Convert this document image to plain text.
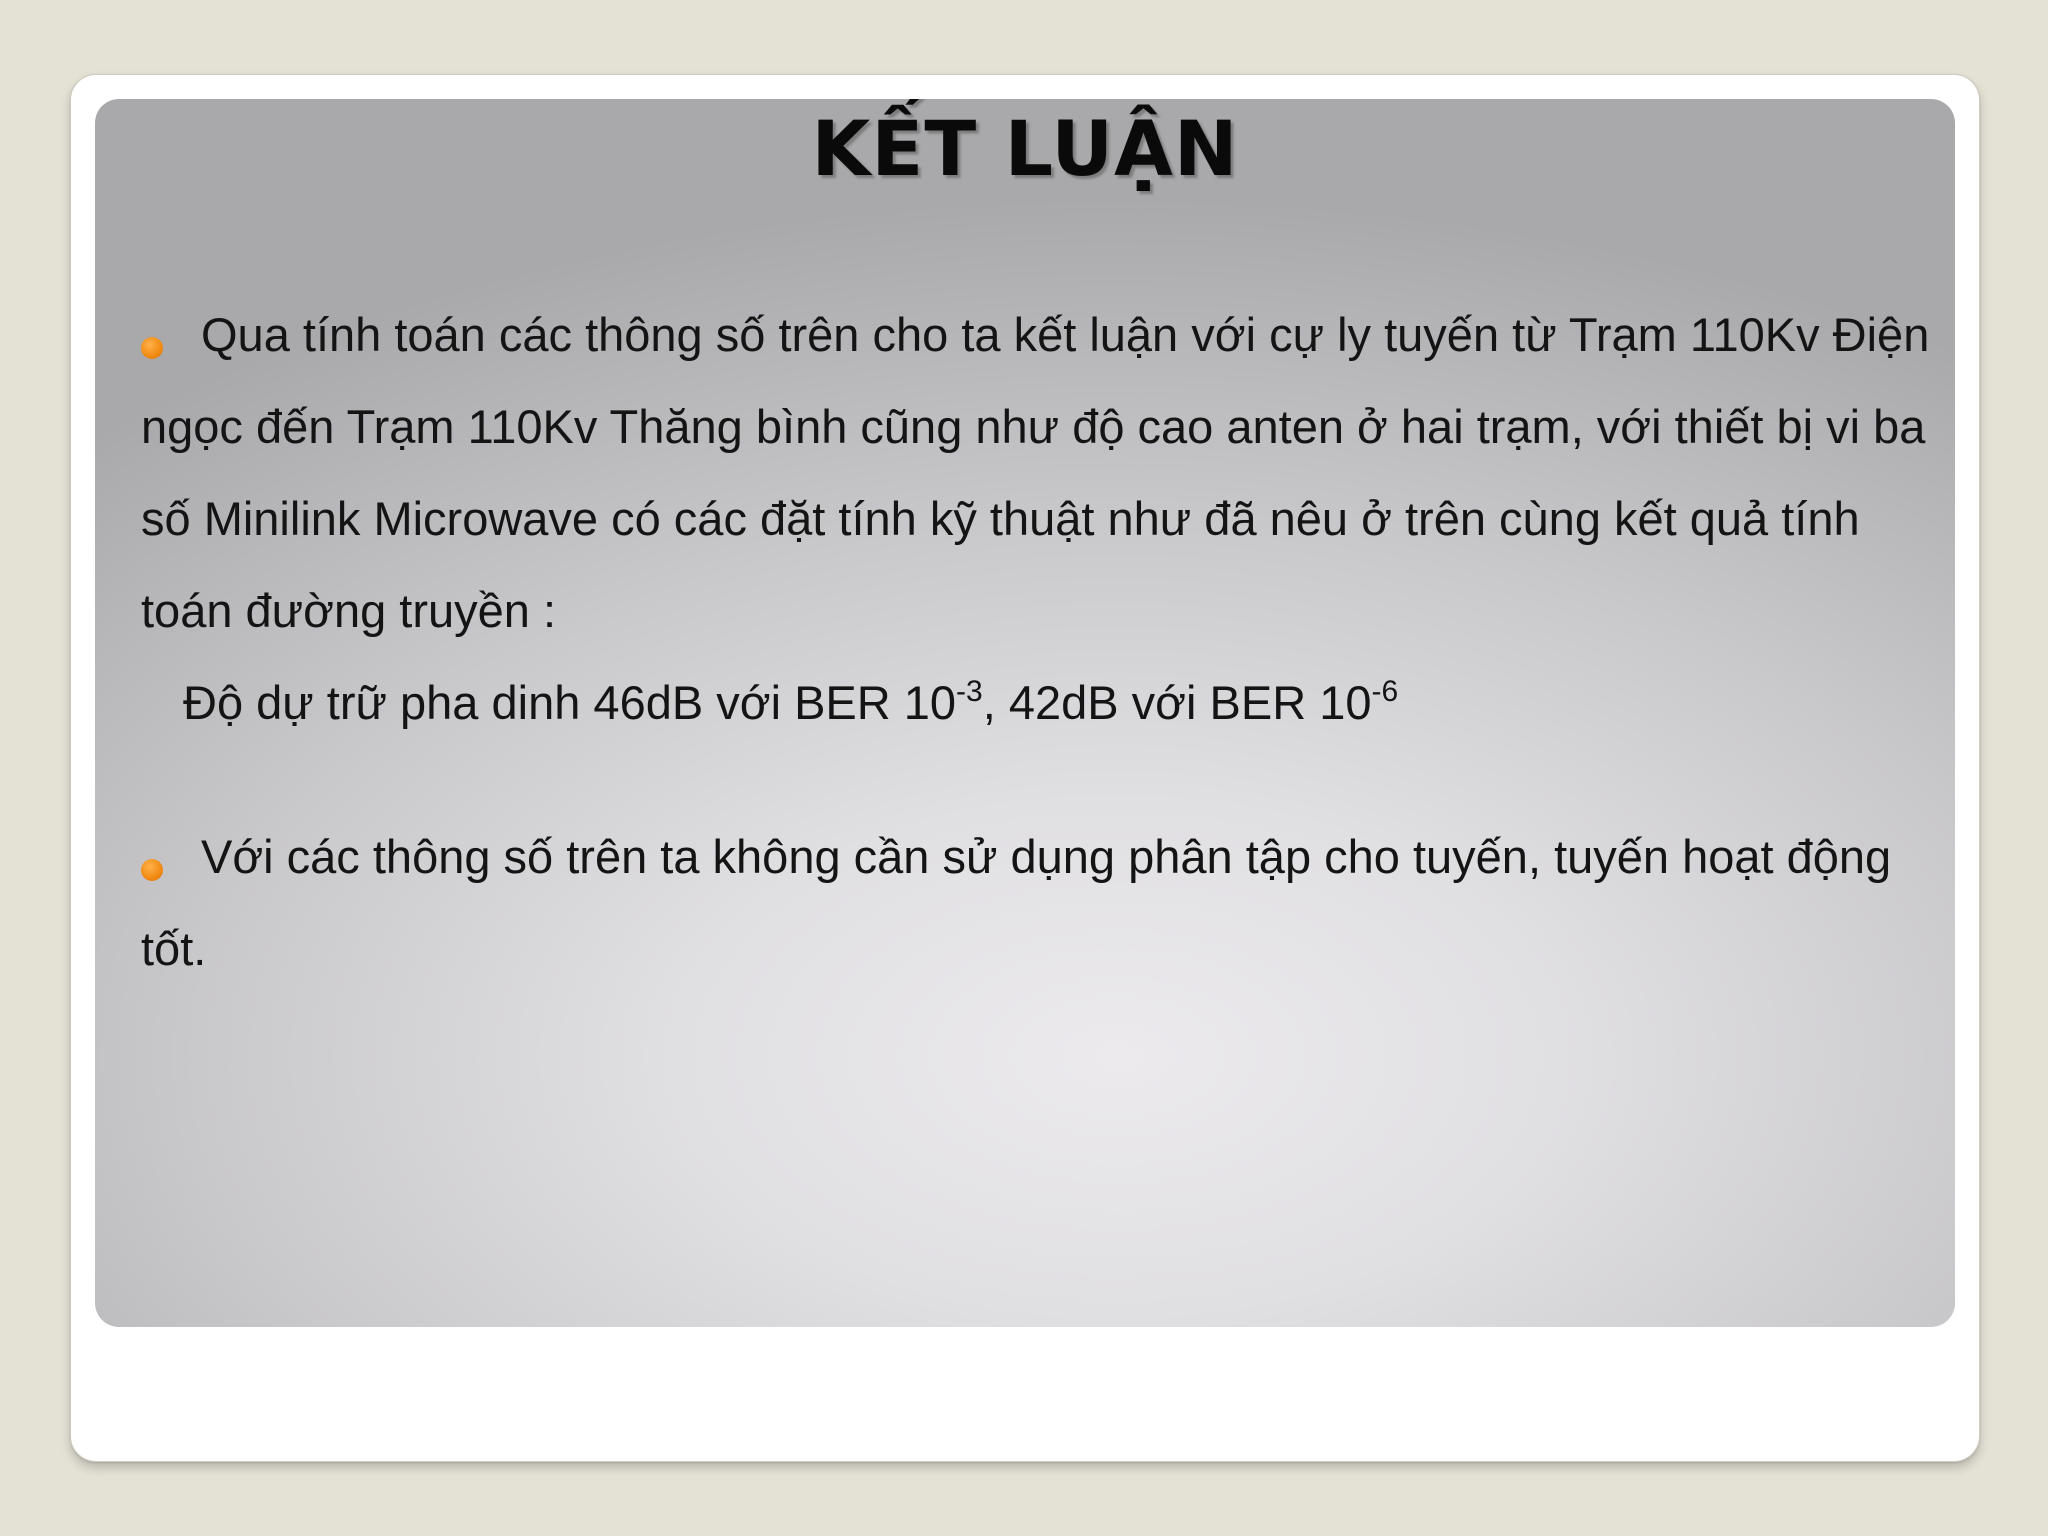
KẾT LUẬN

Qua tính toán các thông số trên cho ta kết luận với cự ly tuyến từ Trạm 110Kv Điện ngọc đến Trạm 110Kv Thăng bình cũng như độ cao anten ở hai trạm, với thiết bị vi ba số Minilink Microwave có các đặt tính kỹ thuật như đã nêu ở trên cùng kết quả tính toán đường truyền :

Độ dự trữ pha dinh 46dB với BER $10^{-3}$, 42dB với BER $10^{-6}$

Với các thông số trên ta không cần sử dụng phân tập cho tuyến, tuyến hoạt động tốt.
